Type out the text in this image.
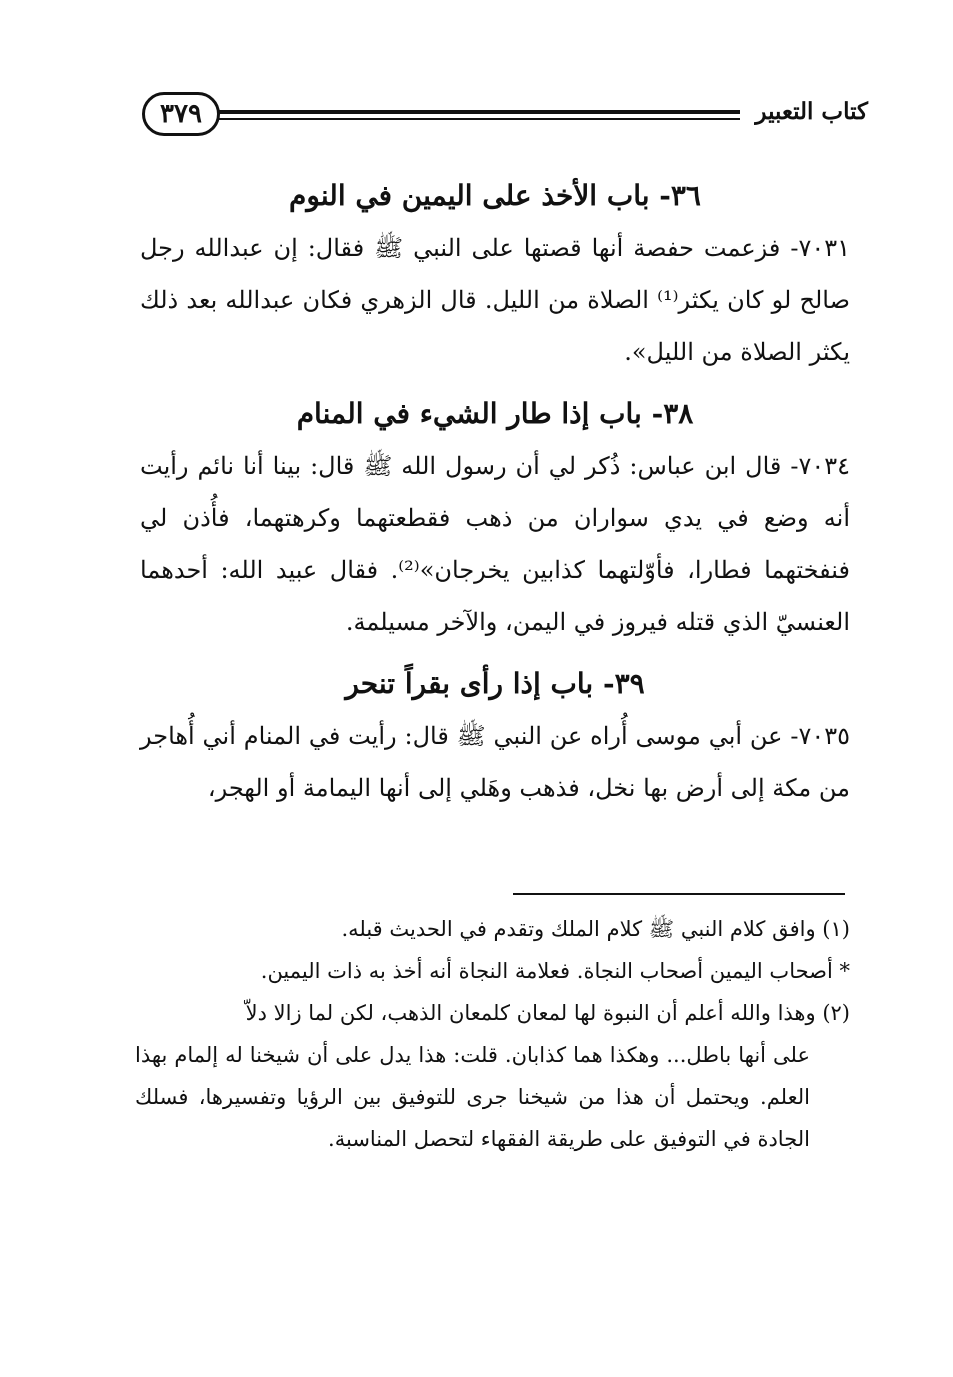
كتاب التعبير
٣٧٩
٣٦- باب الأخذ على اليمين في النوم

٧٠٣١- فزعمت حفصة أنها قصتها على النبي ﷺ فقال: إن عبدالله رجل صالح لو كان يكثر⁽¹⁾ الصلاة من الليل. قال الزهري فكان عبدالله بعد ذلك يكثر الصلاة من الليل».

٣٨- باب إذا طار الشيء في المنام

٧٠٣٤- قال ابن عباس: ذُكر لي أن رسول الله ﷺ قال: بينا أنا نائم رأيت أنه وضع في يدي سواران من ذهب فقطعتهما وكرهتهما، فأُذن لي فنفختهما فطارا، فأوّلتهما كذابين يخرجان»⁽²⁾. فقال عبيد الله: أحدهما العنسيّ الذي قتله فيروز في اليمن، والآخر مسيلمة.

٣٩- باب إذا رأى بقراً تنحر

٧٠٣٥- عن أبي موسى أُراه عن النبي ﷺ قال: رأيت في المنام أني أُهاجر من مكة إلى أرض بها نخل، فذهب وهَلي إلى أنها اليمامة أو الهجر،

(١) وافق كلام النبي ﷺ كلام الملك وتقدم في الحديث قبله.

* أصحاب اليمين أصحاب النجاة. فعلامة النجاة أنه أخذ به ذات اليمين.

(٢) وهذا والله أعلم أن النبوة لها لمعان كلمعان الذهب، لكن لما زالا دلاّ

على أنها باطل... وهكذا هما كذابان. قلت: هذا يدل على أن شيخنا له إلمام بهذا العلم. ويحتمل أن هذا من شيخنا جرى للتوفيق بين الرؤيا وتفسيرها، فسلك الجادة في التوفيق على طريقة الفقهاء لتحصل المناسبة.
